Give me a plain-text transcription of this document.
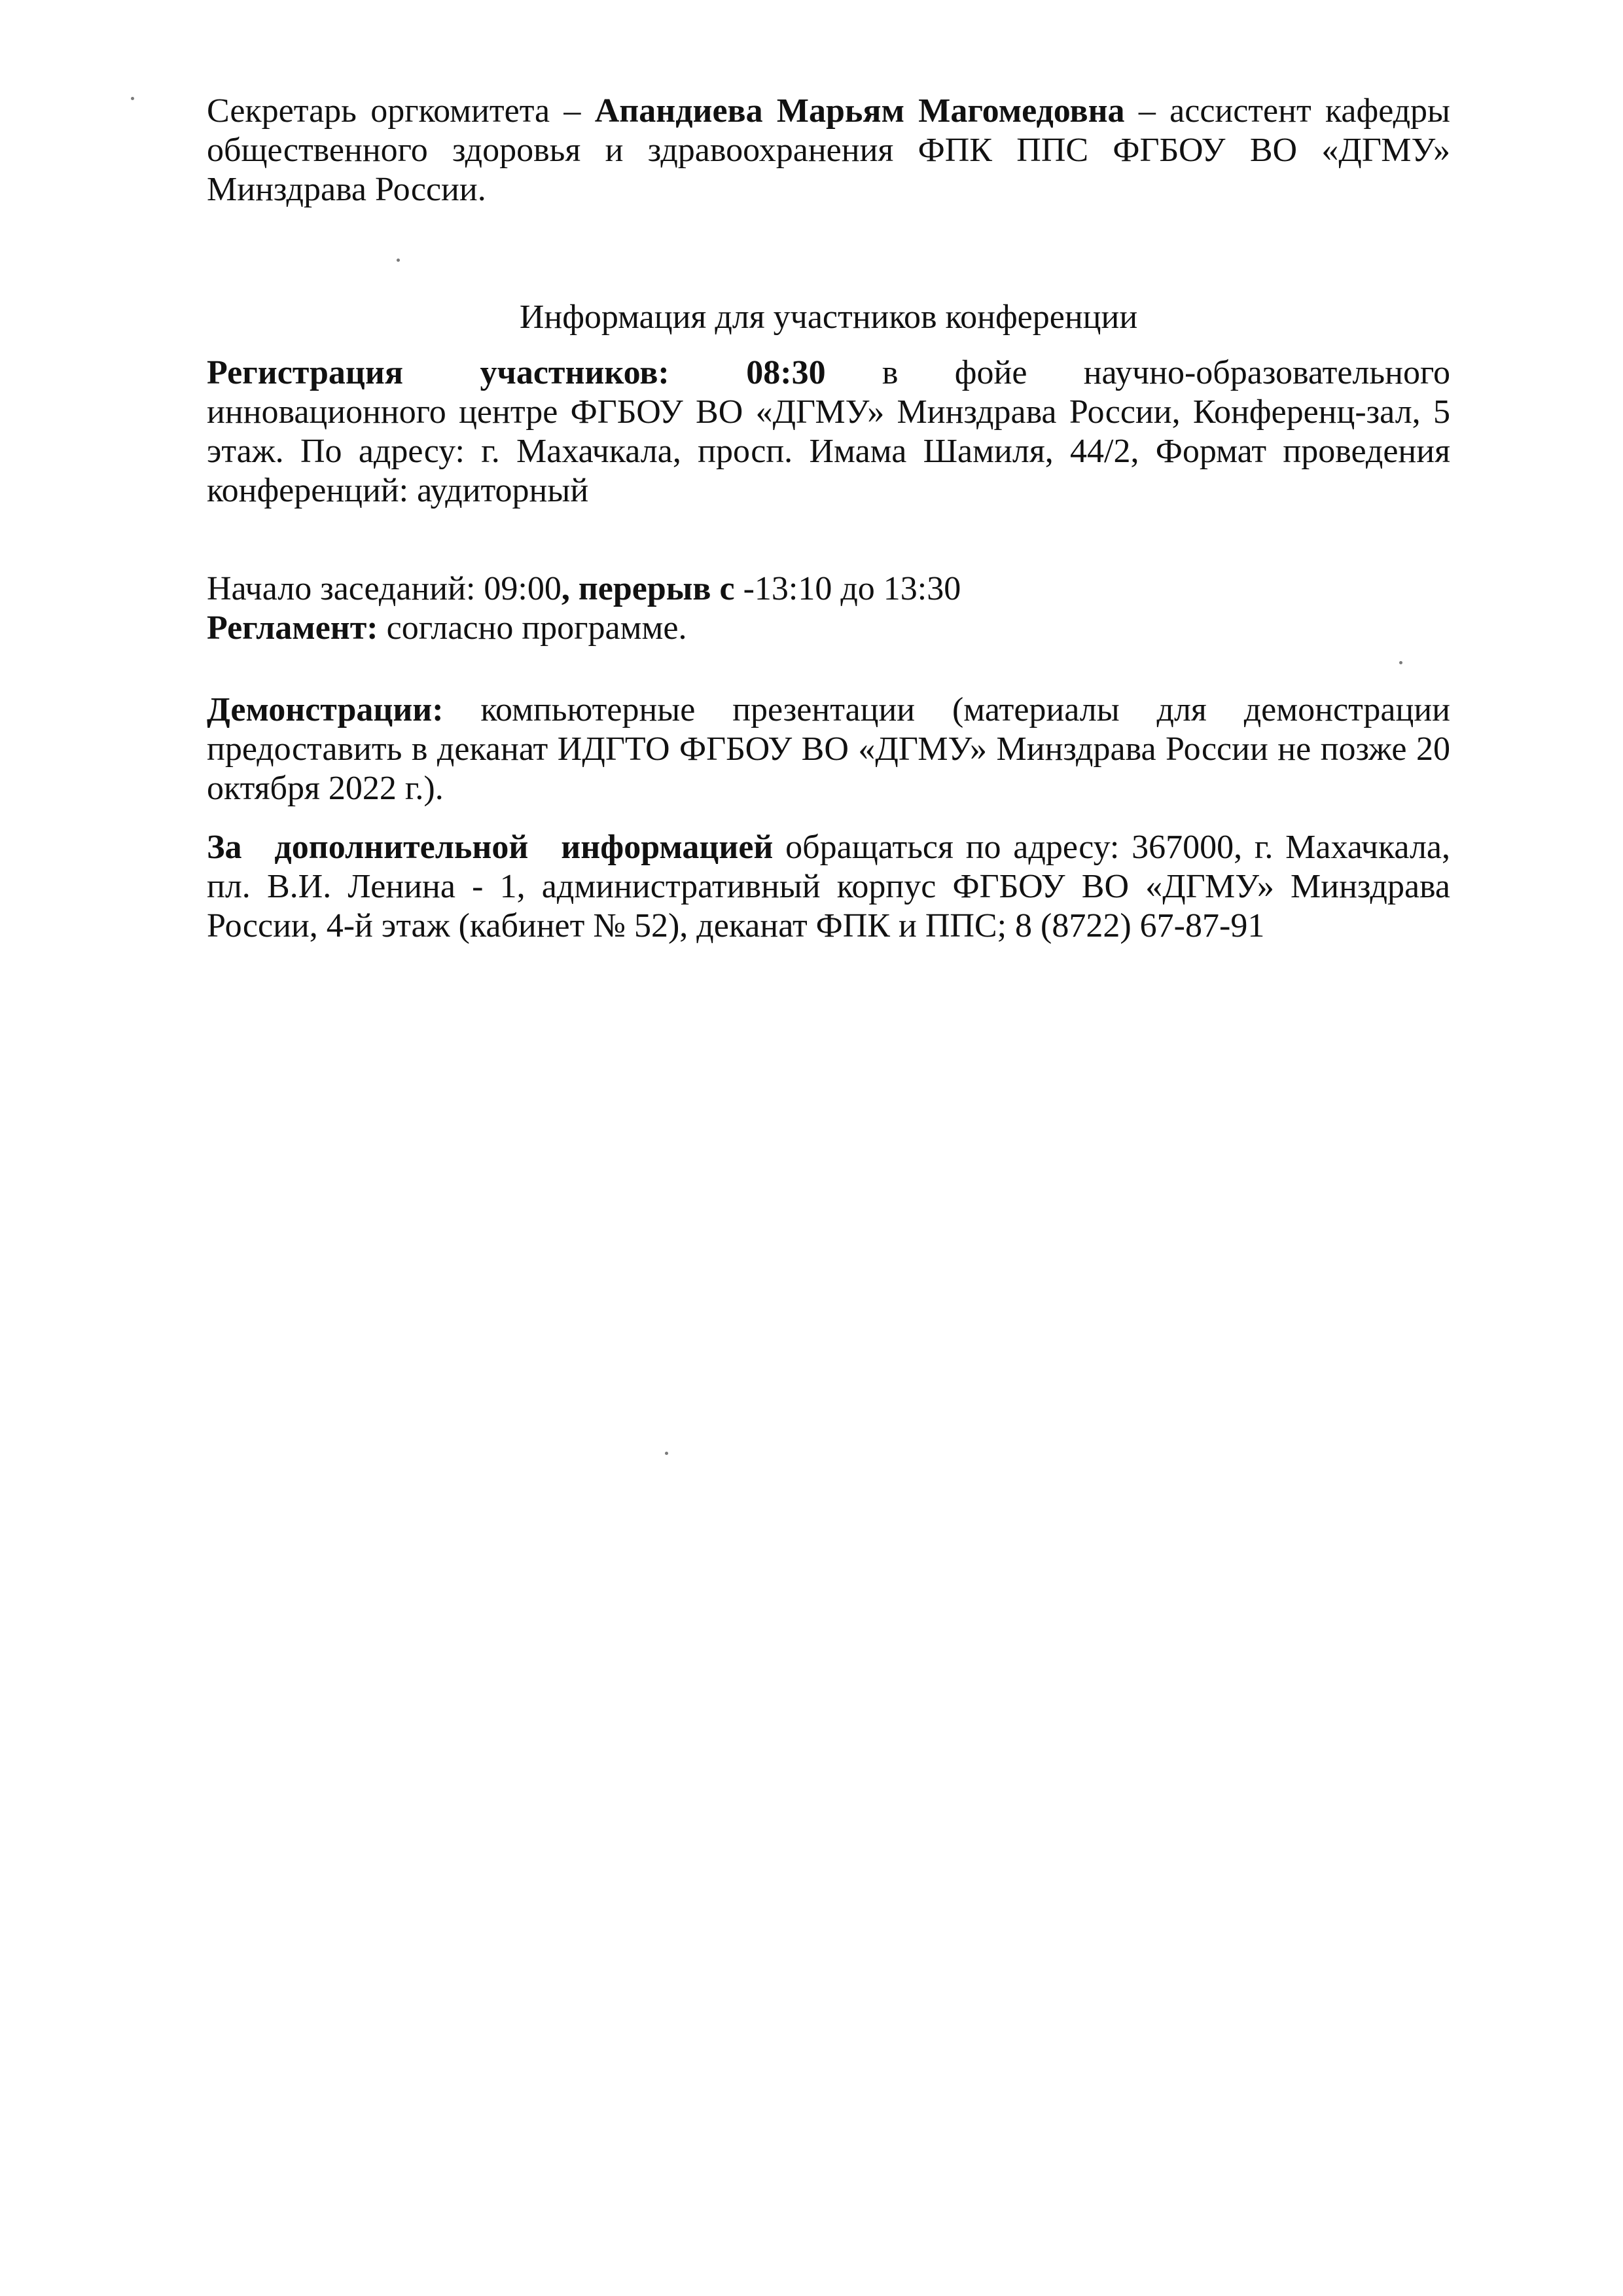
Секретарь оргкомитета – Апандиева Марьям Магомедовна – ассистент кафедры общественного здоровья и здравоохранения ФПК ППС ФГБОУ ВО «ДГМУ» Минздрава России.

Информация для участников конференции

Регистрация участников: 08:30 в фойе научно-образовательного инновационного центре ФГБОУ ВО «ДГМУ» Минздрава России, Конференц-зал, 5 этаж. По адресу: г. Махачкала, просп. Имама Шамиля, 44/2, Формат проведения конференций: аудиторный

Начало заседаний: 09:00, перерыв с -13:10 до 13:30

Регламент: согласно программе.

Демонстрации: компьютерные презентации (материалы для демонстрации предоставить в деканат ИДГТО ФГБОУ ВО «ДГМУ» Минздрава России не позже 20 октября 2022 г.).

За дополнительной информацией обращаться по адресу: 367000, г. Махачкала, пл. В.И. Ленина - 1, административный корпус ФГБОУ ВО «ДГМУ» Минздрава России, 4-й этаж (кабинет № 52), деканат ФПК и ППС; 8 (8722) 67-87-91
